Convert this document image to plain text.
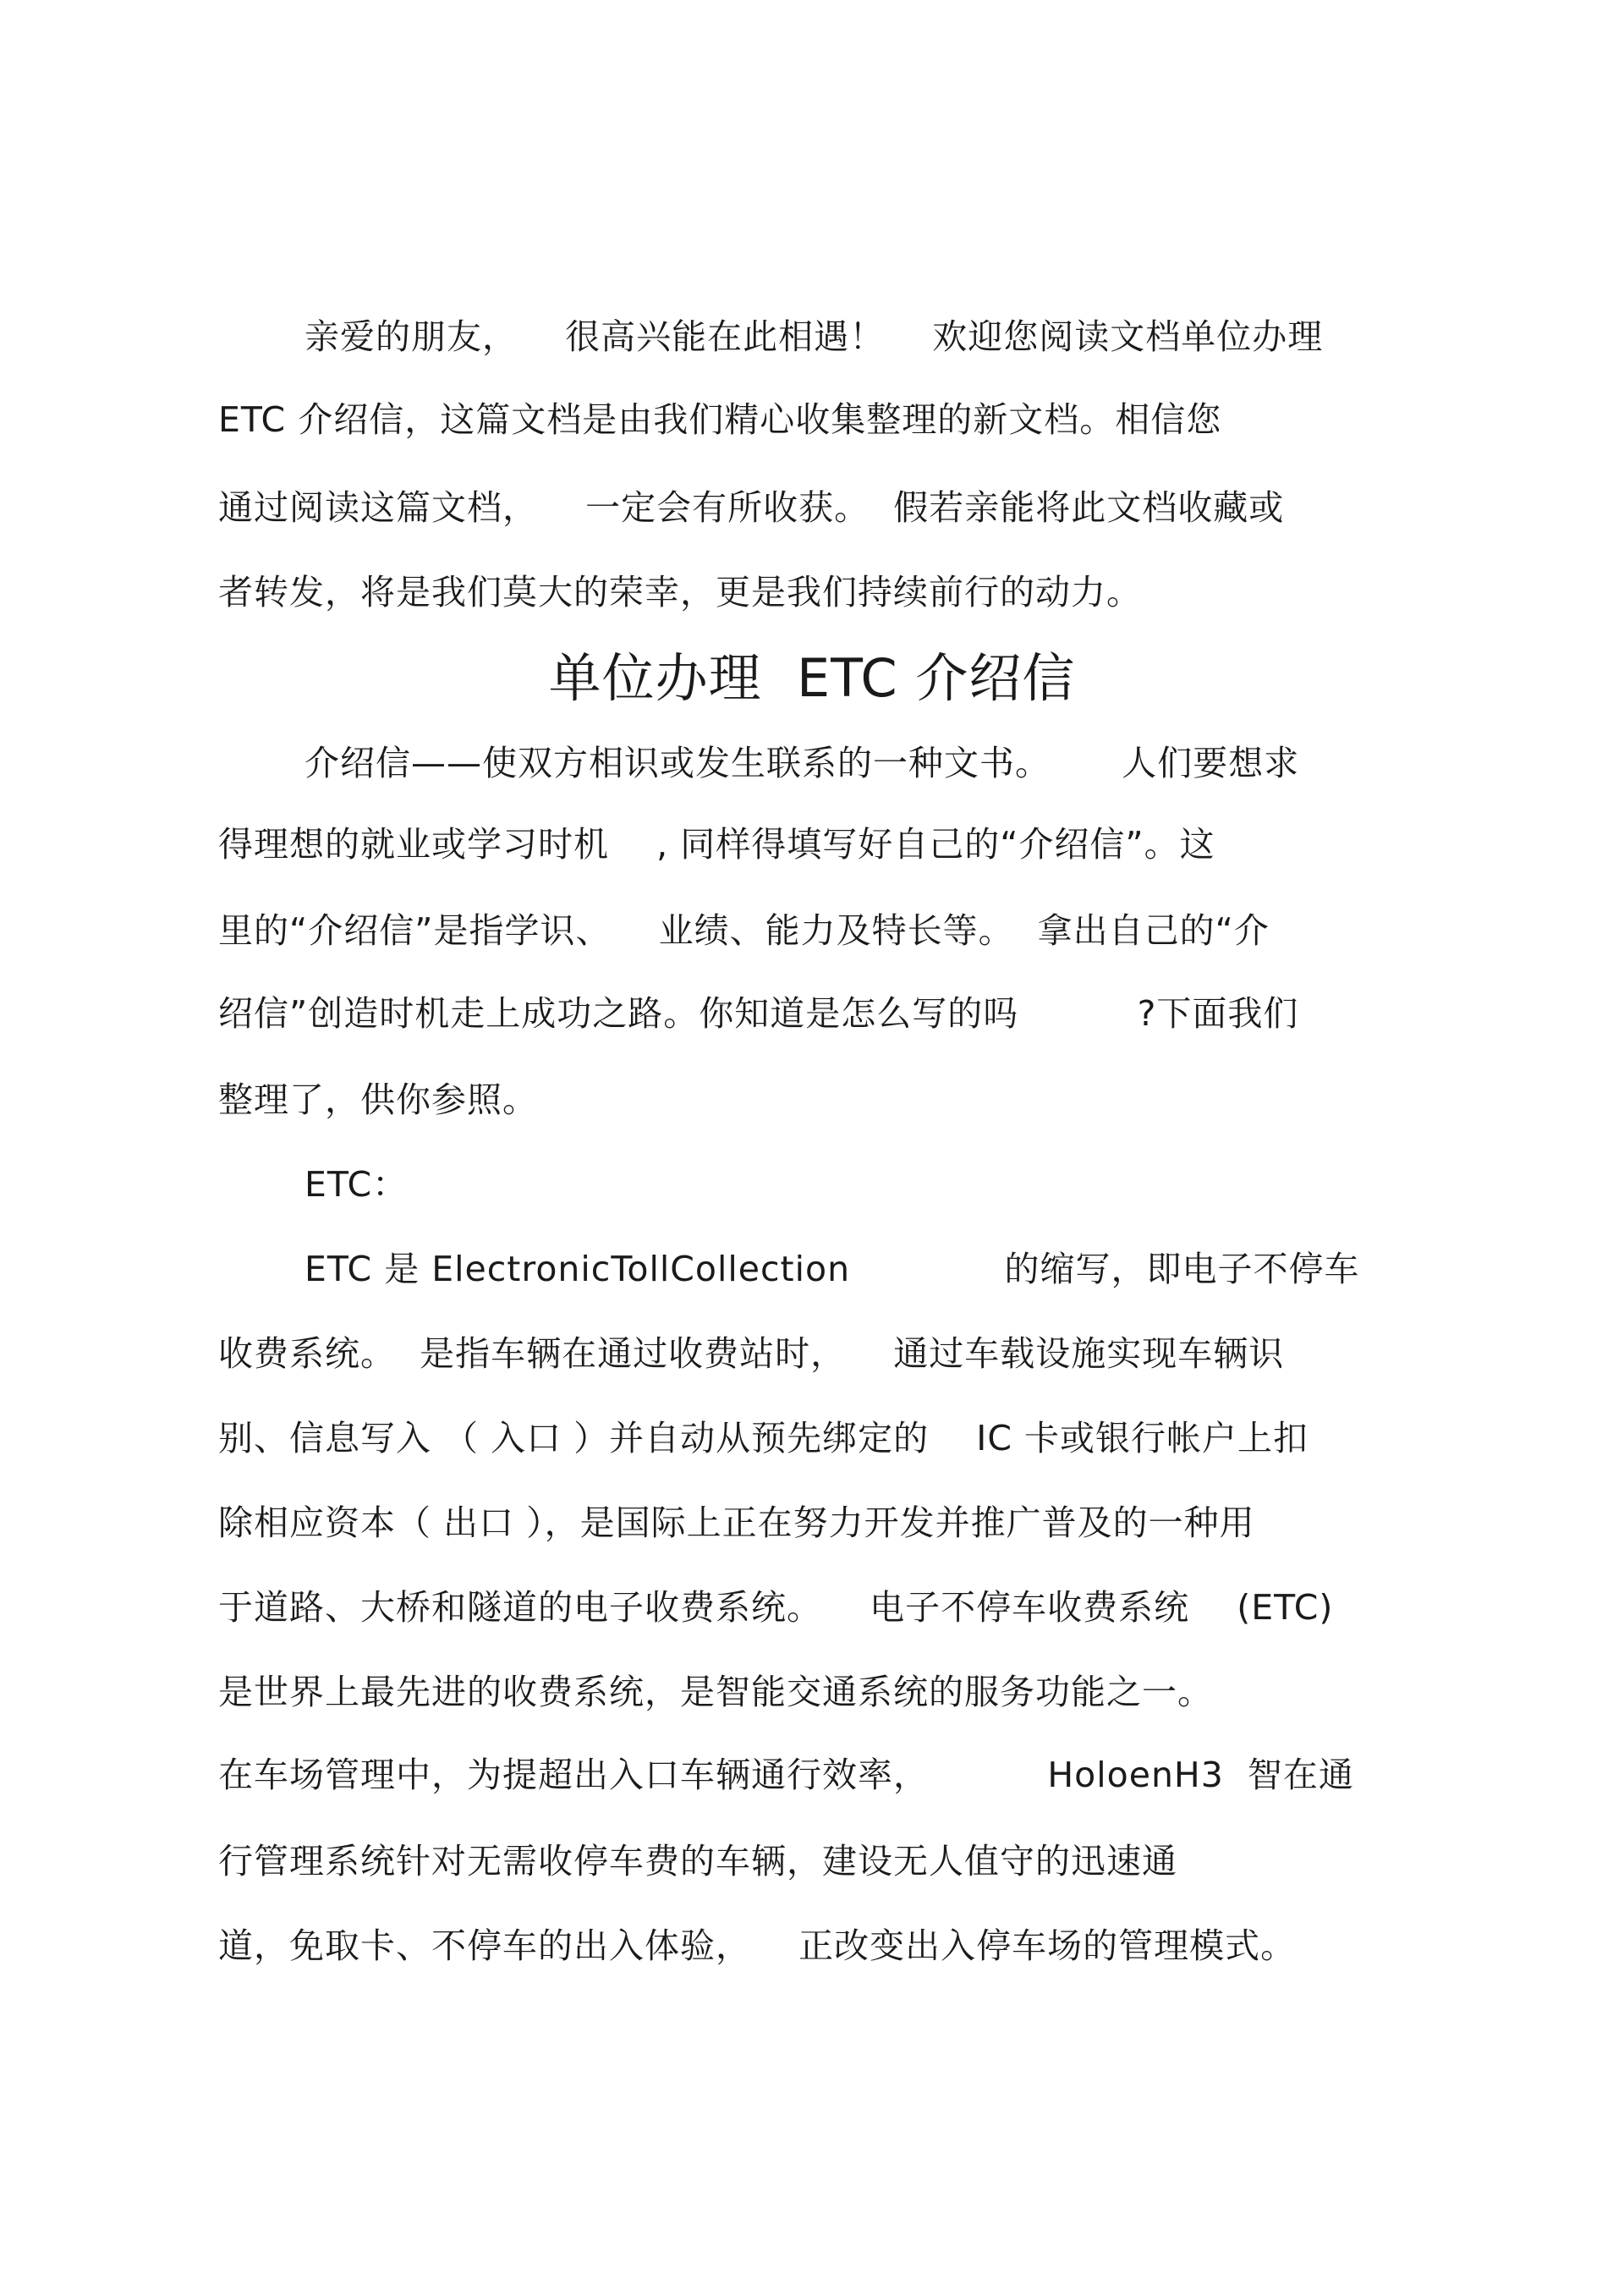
亲爱的朋友，    很高兴能在此相遇！    欢迎您阅读文档单位办理
ETC 介绍信，这篇文档是由我们精心收集整理的新文档。相信您
通过阅读这篇文档，    一定会有所收获。  假若亲能将此文档收藏或
者转发，将是我们莫大的荣幸，更是我们持续前行的动力。
单位办理  ETC 介绍信
介绍信——使双方相识或发生联系的一种文书。      人们要想求
得理想的就业或学习时机    , 同样得填写好自己的“介绍信”。这
里的“介绍信”是指学识、    业绩、能力及特长等。  拿出自己的“介
绍信”创造时机走上成功之路。你知道是怎么写的吗          ?下面我们
整理了，供你参照。
ETC：
ETC 是 ElectronicTollCollection             的缩写，即电子不停车
收费系统。  是指车辆在通过收费站时，    通过车载设施实现车辆识
别、信息写入 （ 入口 ）并自动从预先绑定的    IC 卡或银行帐户上扣
除相应资本（ 出口 ），是国际上正在努力开发并推广普及的一种用
于道路、大桥和隧道的电子收费系统。    电子不停车收费系统    (ETC)
是世界上最先进的收费系统，是智能交通系统的服务功能之一。
在车场管理中，为提超出入口车辆通行效率，          HoloenH3  智在通
行管理系统针对无需收停车费的车辆，建设无人值守的迅速通
道，免取卡、不停车的出入体验，    正改变出入停车场的管理模式。
